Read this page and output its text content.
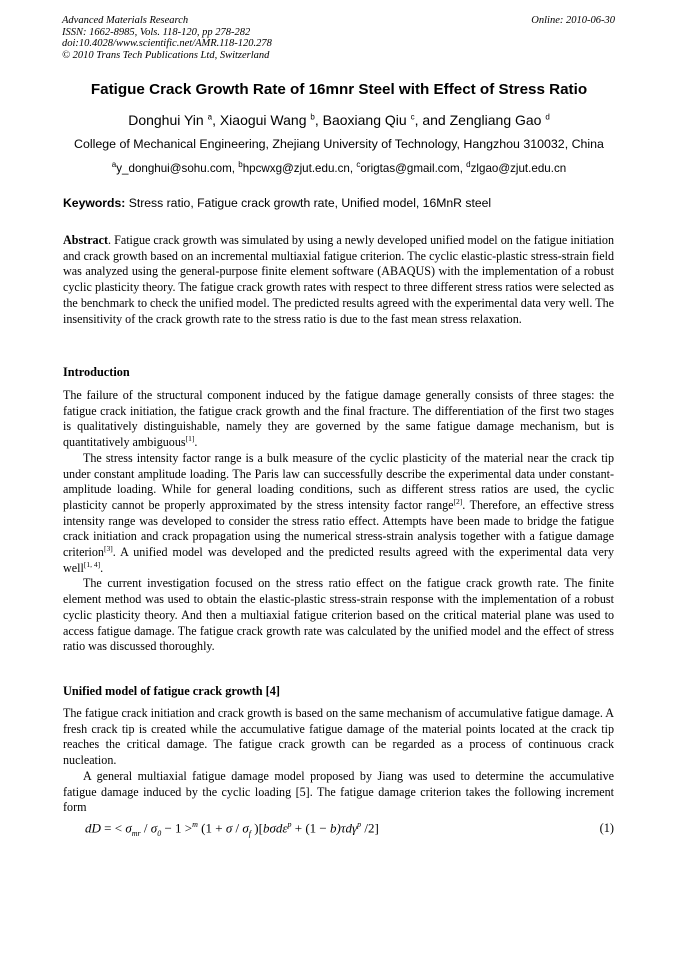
Advanced Materials Research
ISSN: 1662-8985, Vols. 118-120, pp 278-282
doi:10.4028/www.scientific.net/AMR.118-120.278
© 2010 Trans Tech Publications Ltd, Switzerland
Online: 2010-06-30
Fatigue Crack Growth Rate of 16mnr Steel with Effect of Stress Ratio
Donghui Yin $^a$, Xiaogui Wang $^b$, Baoxiang Qiu $^c$, and Zengliang Gao $^d$
College of Mechanical Engineering, Zhejiang University of Technology, Hangzhou 310032, China
$^a$y_donghui@sohu.com, $^b$hpcwxg@zjut.edu.cn, $^c$origtas@gmail.com, $^d$zlgao@zjut.edu.cn
Keywords: Stress ratio, Fatigue crack growth rate, Unified model, 16MnR steel

Abstract. Fatigue crack growth was simulated by using a newly developed unified model on the fatigue initiation and crack growth based on an incremental multiaxial fatigue criterion. The cyclic elastic-plastic stress-strain field was analyzed using the general-purpose finite element software (ABAQUS) with the implementation of a robust cyclic plasticity theory. The fatigue crack growth rates with respect to three different stress ratios were selected as the benchmark to check the unified model. The predicted results agreed with the experimental data very well. The insensitivity of the crack growth rate to the stress ratio is due to the fast mean stress relaxation.

Introduction

The failure of the structural component induced by the fatigue damage generally consists of three stages: the fatigue crack initiation, the fatigue crack growth and the final fracture. The differentiation of the first two stages is qualitatively distinguishable, namely they are governed by the same fatigue damage mechanism, but is quantitatively ambiguous[1].

The stress intensity factor range is a bulk measure of the cyclic plasticity of the material near the crack tip under constant amplitude loading. The Paris law can successfully describe the experimental data under constant-amplitude loading. While for general loading conditions, such as different stress ratios are used, the cyclic plasticity cannot be properly approximated by the stress intensity factor range[2]. Therefore, an effective stress intensity range was developed to consider the stress ratio effect. Attempts have been made to bridge the fatigue crack initiation and crack propagation using the numerical stress-strain analysis together with a fatigue damage criterion[3]. A unified model was developed and the predicted results agreed with the experimental data very well[1, 4].

The current investigation focused on the stress ratio effect on the fatigue crack growth rate. The finite element method was used to obtain the elastic-plastic stress-strain response with the implementation of a robust cyclic plasticity theory. And then a multiaxial fatigue criterion based on the critical material plane was used to access fatigue damage. The fatigue crack growth rate was calculated by the unified model and the effect of stress ratio was discussed thoroughly.

Unified model of fatigue crack growth [4]

The fatigue crack initiation and crack growth is based on the same mechanism of accumulative fatigue damage. A fresh crack tip is created while the accumulative fatigue damage of the material points located at the crack tip reaches the critical damage. The fatigue crack growth can be regarded as a process of continuous crack nucleation.

A general multiaxial fatigue damage model proposed by Jiang was used to determine the accumulative fatigue damage induced by the cyclic loading [5]. The fatigue damage criterion takes the following increment form

dD = < $\sigma_{mr} / \sigma_0 - 1 >^m$ ($1 + \sigma / \sigma_f$ )[bσdε$^p$ + (1 − b)τdγ$^p$ /2]	(1)
